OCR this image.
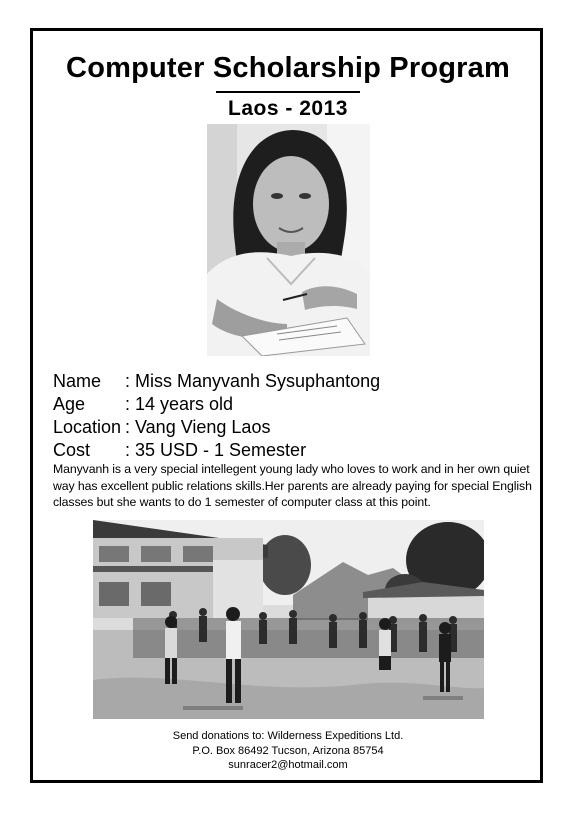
Computer Scholarship Program
Laos - 2013
Name	: Miss Manyvanh Sysuphantong
Age	: 14 years old
Location : Vang Vieng Laos
Cost	: 35 USD - 1 Semester
Manyvanh is a very special intellegent young lady who loves to work and in her own quiet way has excellent public relations skills.Her parents are already paying for special English classes but she wants to do 1 semester of computer class at this point.
Send donations to: Wilderness Expeditions Ltd.
P.O. Box 86492 Tucson, Arizona 85754
sunracer2@hotmail.com
